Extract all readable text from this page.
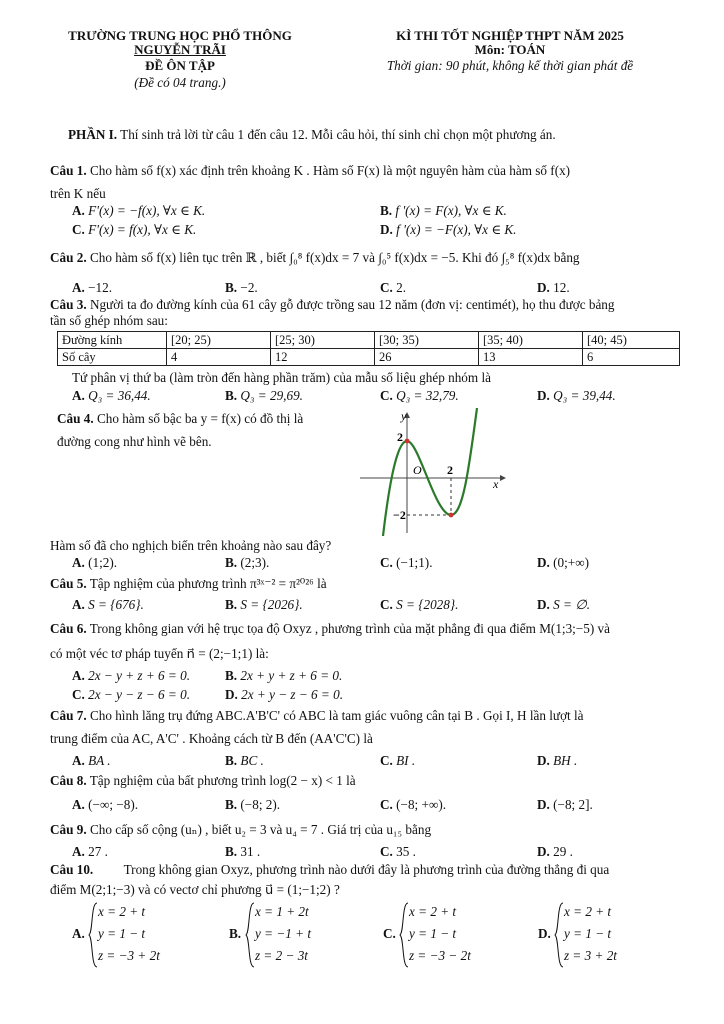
TRƯỜNG TRUNG HỌC PHỔ THÔNG
NGUYỄN TRÃI
ĐỀ ÔN TẬP
(Đề có 04 trang.)
KÌ THI TỐT NGHIỆP THPT NĂM 2025
Môn: TOÁN
Thời gian: 90 phút, không kể thời gian phát đề
PHẦN I. Thí sinh trả lời từ câu 1 đến câu 12. Mỗi câu hỏi, thí sinh chỉ chọn một phương án.
Câu 1. Cho hàm số f(x) xác định trên khoảng K . Hàm số F(x) là một nguyên hàm của hàm số f(x)
trên K nếu
A. F'(x) = −f(x), ∀x ∈ K.	B. f '(x) = F(x), ∀x ∈ K.
C. F'(x) = f(x), ∀x ∈ K.	D. f '(x) = −F(x), ∀x ∈ K.
Câu 2. Cho hàm số f(x) liên tục trên ℝ , biết ∫₀⁸ f(x)dx = 7 và ∫₀⁵ f(x)dx = −5. Khi đó ∫₅⁸ f(x)dx bằng
A. −12.	B. −2.	C. 2.	D. 12.
Câu 3. Người ta đo đường kính của 61 cây gỗ được trồng sau 12 năm (đơn vị: centimét), họ thu được bảng
tần số ghép nhóm sau:
Đường kính	[20; 25)	[25; 30)	[30; 35)	[35; 40)	[40; 45)
Số cây	4	12	26	13	6
Tứ phân vị thứ ba (làm tròn đến hàng phần trăm) của mẫu số liệu ghép nhóm là
A. Q₃ = 36,44.	B. Q₃ = 29,69.	C. Q₃ = 32,79.	D. Q₃ = 39,44.
Câu 4. Cho hàm số bậc ba y = f(x) có đồ thị là
đường cong như hình vẽ bên.
y
x
O
2
2
−2
Hàm số đã cho nghịch biến trên khoảng nào sau đây?
A. (1;2).	B. (2;3).	C. (−1;1).	D. (0;+∞)
Câu 5. Tập nghiệm của phương trình π³ˣ⁻² = π²⁰²⁶ là
A. S = {676}.	B. S = {2026}.	C. S = {2028}.	D. S = ∅.
Câu 6. Trong không gian với hệ trục tọa độ Oxyz , phương trình của mặt phẳng đi qua điểm M(1;3;−5) và
có một véc tơ pháp tuyến n⃗ = (2;−1;1) là:
A. 2x − y + z + 6 = 0.	B. 2x + y + z + 6 = 0.
C. 2x − y − z − 6 = 0.	D. 2x + y − z − 6 = 0.
Câu 7. Cho hình lăng trụ đứng ABC.A'B'C' có ABC là tam giác vuông cân tại B . Gọi I, H lần lượt là
trung điểm của AC, A'C' . Khoảng cách từ B đến (AA'C'C) là
A. BA .	B. BC .	C. BI .	D. BH .
Câu 8. Tập nghiệm của bất phương trình log(2 − x) < 1 là
A. (−∞; −8).	B. (−8; 2).	C. (−8; +∞).	D. (−8; 2].
Câu 9. Cho cấp số cộng (uₙ) , biết u₂ = 3 và u₄ = 7 . Giá trị của u₁₅ bằng
A. 27 .	B. 31 .	C. 35 .	D. 29 .
Câu 10. Trong không gian Oxyz, phương trình nào dưới đây là phương trình của đường thẳng đi qua
điểm M(2;1;−3) và có vectơ chỉ phương u⃗ = (1;−1;2) ?
A.
x = 2 + t
y = 1 − t
z = −3 + 2t
B.
x = 1 + 2t
y = −1 + t
z = 2 − 3t
C.
x = 2 + t
y = 1 − t
z = −3 − 2t
D.
x = 2 + t
y = 1 − t
z = 3 + 2t
